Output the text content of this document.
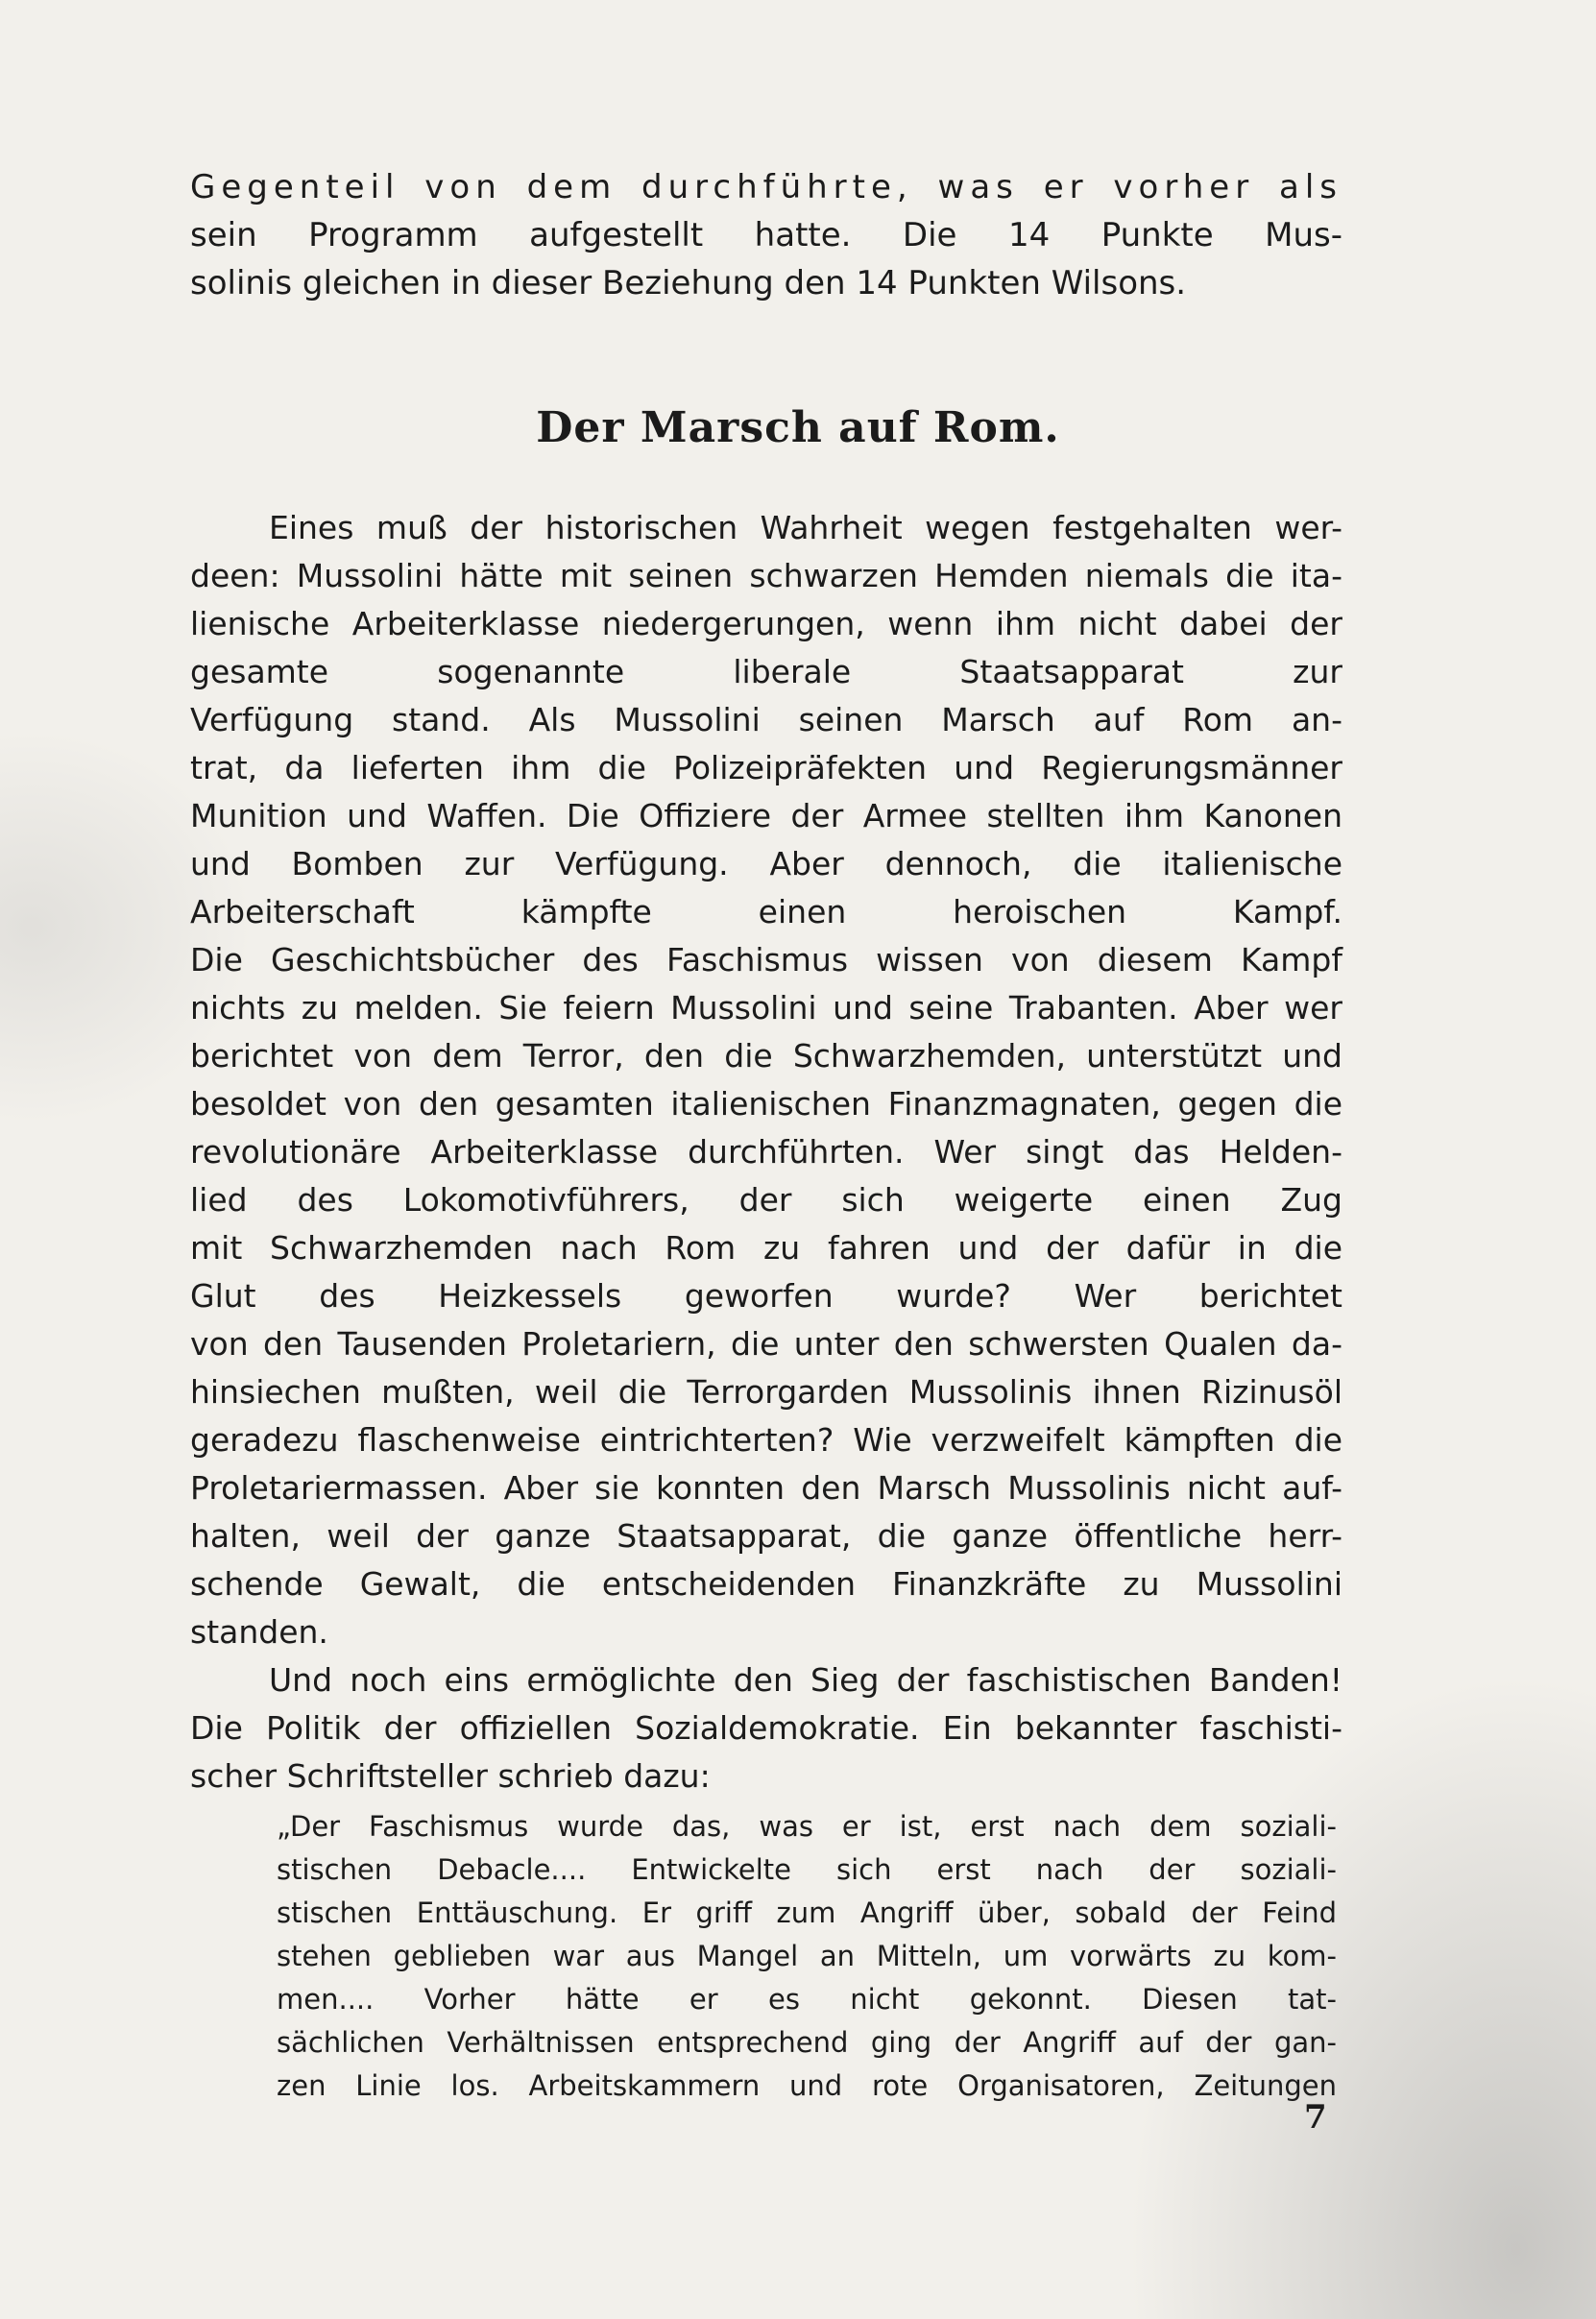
Gegenteil von dem durchführte, was er vorher als
sein Programm aufgestellt hatte. Die 14 Punkte Mus-
solinis gleichen in dieser Beziehung den 14 Punkten Wilsons.
Der Marsch auf Rom.
Eines muß der historischen Wahrheit wegen festgehalten wer-
deen: Mussolini hätte mit seinen schwarzen Hemden niemals die ita-
lienische Arbeiterklasse niedergerungen, wenn ihm nicht dabei der
gesamte sogenannte liberale Staatsapparat zur
Verfügung stand. Als Mussolini seinen Marsch auf Rom an-
trat, da lieferten ihm die Polizeipräfekten und Regierungsmänner
Munition und Waffen. Die Offiziere der Armee stellten ihm Kanonen
und Bomben zur Verfügung. Aber dennoch, die italienische
Arbeiterschaft kämpfte einen heroischen Kampf.
Die Geschichtsbücher des Faschismus wissen von diesem Kampf
nichts zu melden. Sie feiern Mussolini und seine Trabanten. Aber wer
berichtet von dem Terror, den die Schwarzhemden, unterstützt und
besoldet von den gesamten italienischen Finanzmagnaten, gegen die
revolutionäre Arbeiterklasse durchführten. Wer singt das Helden-
lied des Lokomotivführers, der sich weigerte einen Zug
mit Schwarzhemden nach Rom zu fahren und der dafür in die
Glut des Heizkessels geworfen wurde? Wer berichtet
von den Tausenden Proletariern, die unter den schwersten Qualen da-
hinsiechen mußten, weil die Terrorgarden Mussolinis ihnen Rizinusöl
geradezu flaschenweise eintrichterten? Wie verzweifelt kämpften die
Proletariermassen. Aber sie konnten den Marsch Mussolinis nicht auf-
halten, weil der ganze Staatsapparat, die ganze öffentliche herr-
schende Gewalt, die entscheidenden Finanzkräfte zu Mussolini
standen.
Und noch eins ermöglichte den Sieg der faschistischen Banden!
Die Politik der offiziellen Sozialdemokratie. Ein bekannter faschisti-
scher Schriftsteller schrieb dazu:
„Der Faschismus wurde das, was er ist, erst nach dem soziali-
stischen Debacle.... Entwickelte sich erst nach der soziali-
stischen Enttäuschung. Er griff zum Angriff über, sobald der Feind
stehen geblieben war aus Mangel an Mitteln, um vorwärts zu kom-
men.... Vorher hätte er es nicht gekonnt. Diesen tat-
sächlichen Verhältnissen entsprechend ging der Angriff auf der gan-
zen Linie los. Arbeitskammern und rote Organisatoren, Zeitungen
7
